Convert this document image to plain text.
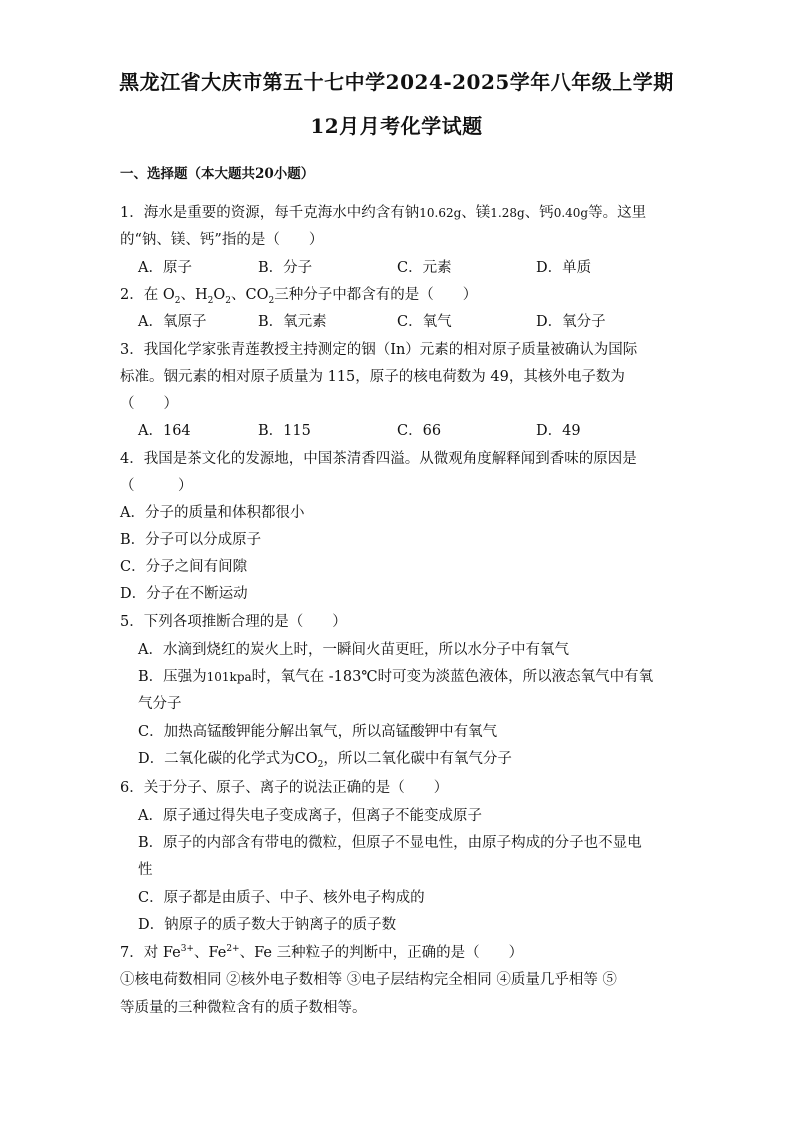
黑龙江省大庆市第五十七中学2024-2025学年八年级上学期
12月月考化学试题
一、选择题（本大题共20小题）
1．海水是重要的资源，每千克海水中约含有钠10.62g、镁1.28g、钙0.40g等。这里
的“钠、镁、钙”指的是（　　）
A．原子	B．分子	C．元素	D．单质
2．在 $O_2$、$H_2O_2$、$CO_2$三种分子中都含有的是（　　）
A．氧原子	B．氧元素	C．氧气	D．氧分子
3．我国化学家张青莲教授主持测定的铟（In）元素的相对原子质量被确认为国际
标准。铟元素的相对原子质量为 115，原子的核电荷数为 49，其核外电子数为
（　　）
A．164	B．115	C．66	D．49
4．我国是茶文化的发源地，中国茶清香四溢。从微观角度解释闻到香味的原因是
（　　　）
A．分子的质量和体积都很小
B．分子可以分成原子
C．分子之间有间隙
D．分子在不断运动
5．下列各项推断合理的是（　　）
A．水滴到烧红的炭火上时，一瞬间火苗更旺，所以水分子中有氧气
B．压强为101kpa时，氧气在 -183℃时可变为淡蓝色液体，所以液态氧气中有氧
气分子
C．加热高锰酸钾能分解出氧气，所以高锰酸钾中有氧气
D．二氧化碳的化学式为$CO_2$，所以二氧化碳中有氧气分子
6．关于分子、原子、离子的说法正确的是（　　）
A．原子通过得失电子变成离子，但离子不能变成原子
B．原子的内部含有带电的微粒，但原子不显电性，由原子构成的分子也不显电
性
C．原子都是由质子、中子、核外电子构成的
D．钠原子的质子数大于钠离子的质子数
7．对 $Fe^{3+}$、$Fe^{2+}$、Fe 三种粒子的判断中，正确的是（　　）
①核电荷数相同 ②核外电子数相等 ③电子层结构完全相同 ④质量几乎相等 ⑤
等质量的三种微粒含有的质子数相等。
